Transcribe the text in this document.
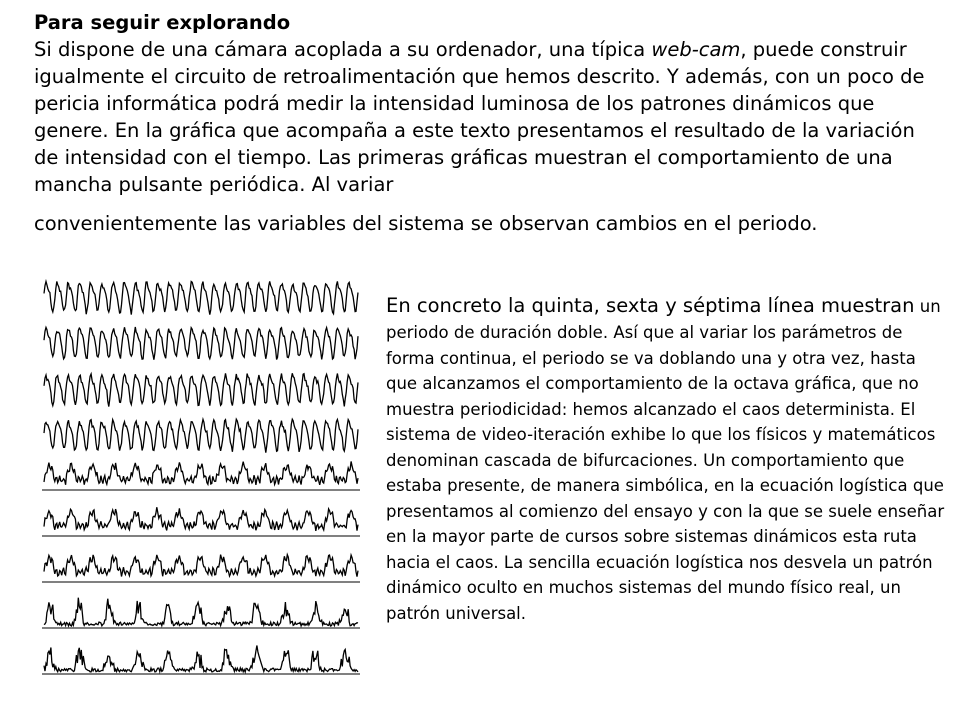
Para seguir explorando

Si dispone de una cámara acoplada a su ordenador, una típica web-cam, puede construir igualmente el circuito de retroalimentación que hemos descrito. Y además, con un poco de pericia informática podrá medir la intensidad luminosa de los patrones dinámicos que genere. En la gráfica que acompaña a este texto presentamos el resultado de la variación de intensidad con el tiempo. Las primeras gráficas muestran el comportamiento de una mancha pulsante periódica. Al variar

convenientemente las variables del sistema se observan cambios en el periodo.

En concreto la quinta, sexta y séptima línea muestran un periodo de duración doble. Así que al variar los parámetros de forma continua, el periodo se va doblando una y otra vez, hasta que alcanzamos el comportamiento de la octava gráfica, que no muestra periodicidad: hemos alcanzado el caos determinista. El sistema de video-iteración exhibe lo que los físicos y matemáticos denominan cascada de bifurcaciones. Un comportamiento que estaba presente, de manera simbólica, en la ecuación logística que presentamos al comienzo del ensayo y con la que se suele enseñar en la mayor parte de cursos sobre sistemas dinámicos esta ruta hacia el caos. La sencilla ecuación logística nos desvela un patrón dinámico oculto en muchos sistemas del mundo físico real, un patrón universal.
